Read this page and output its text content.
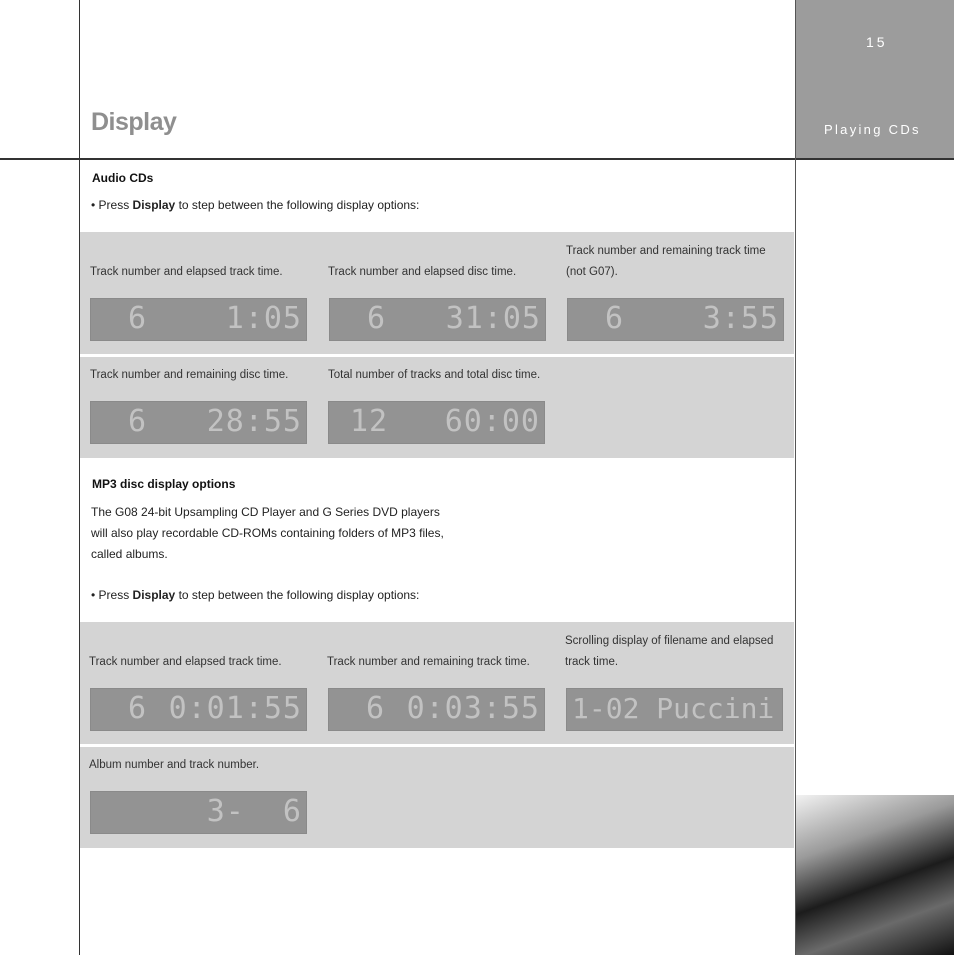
15
Playing CDs
Display
Audio CDs
• Press Display to step between the following display options:
Track number and elapsed track time.
6	1:05
Track number and elapsed disc time.
6 31:05
Track number and remaining track time (not G07).
6	3:55
Track number and remaining disc time.
6 28:55
Total number of tracks and total disc time.
12 60:00
MP3 disc display options
The G08 24-bit Upsampling CD Player and G Series DVD players
will also play recordable CD-ROMs containing folders of MP3 files,
called albums.
• Press Display to step between the following display options:
Track number and elapsed track time.
6 0:01:55
Track number and remaining track time.
6 0:03:55
Scrolling display of filename and elapsed track time.
1-02 Puccini
Album number and track number.
3-  6
